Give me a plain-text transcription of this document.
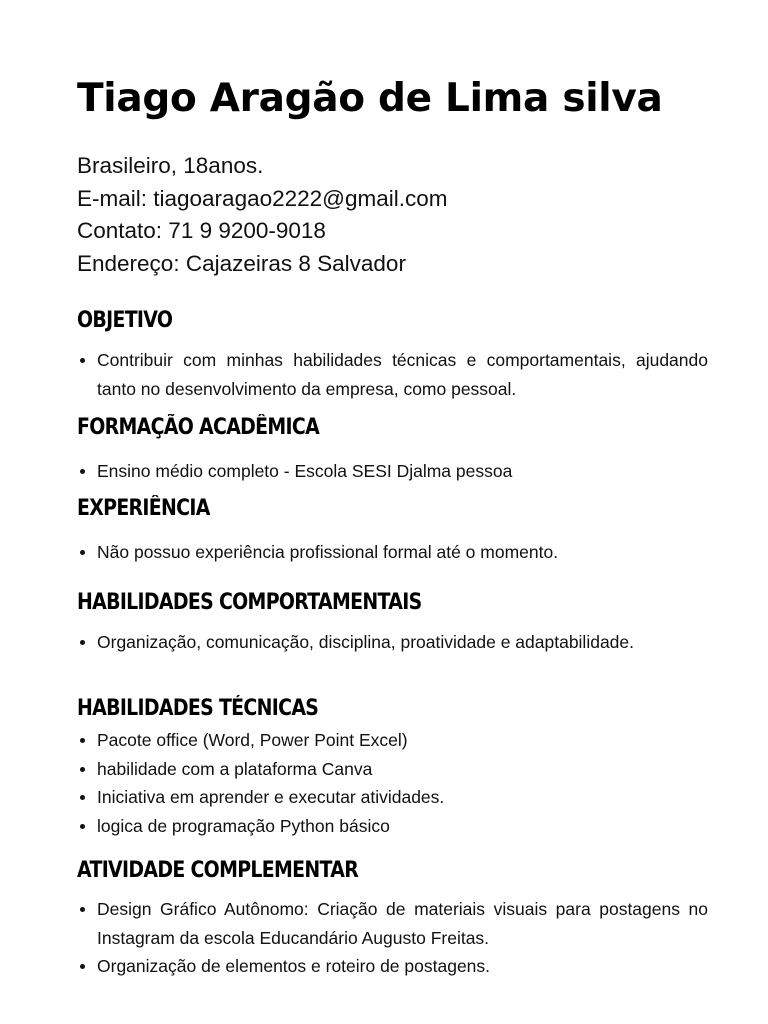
Tiago Aragão de Lima silva
Brasileiro, 18anos.
E-mail: tiagoaragao2222@gmail.com
Contato: 71 9 9200-9018
Endereço: Cajazeiras 8 Salvador
OBJETIVO
Contribuir com minhas habilidades técnicas e comportamentais, ajudando tanto no desenvolvimento da empresa, como pessoal.
FORMAÇÃO ACADÊMICA
Ensino médio completo - Escola SESI Djalma pessoa
EXPERIÊNCIA
Não possuo experiência profissional formal até o momento.
HABILIDADES COMPORTAMENTAIS
Organização, comunicação, disciplina, proatividade e adaptabilidade.
HABILIDADES TÉCNICAS
Pacote office (Word, Power Point Excel)
habilidade com a plataforma Canva
Iniciativa em aprender e executar atividades.
logica de programação Python básico
ATIVIDADE COMPLEMENTAR
Design Gráfico Autônomo: Criação de materiais visuais para postagens no Instagram da escola Educandário Augusto Freitas.
Organização de elementos e roteiro de postagens.
